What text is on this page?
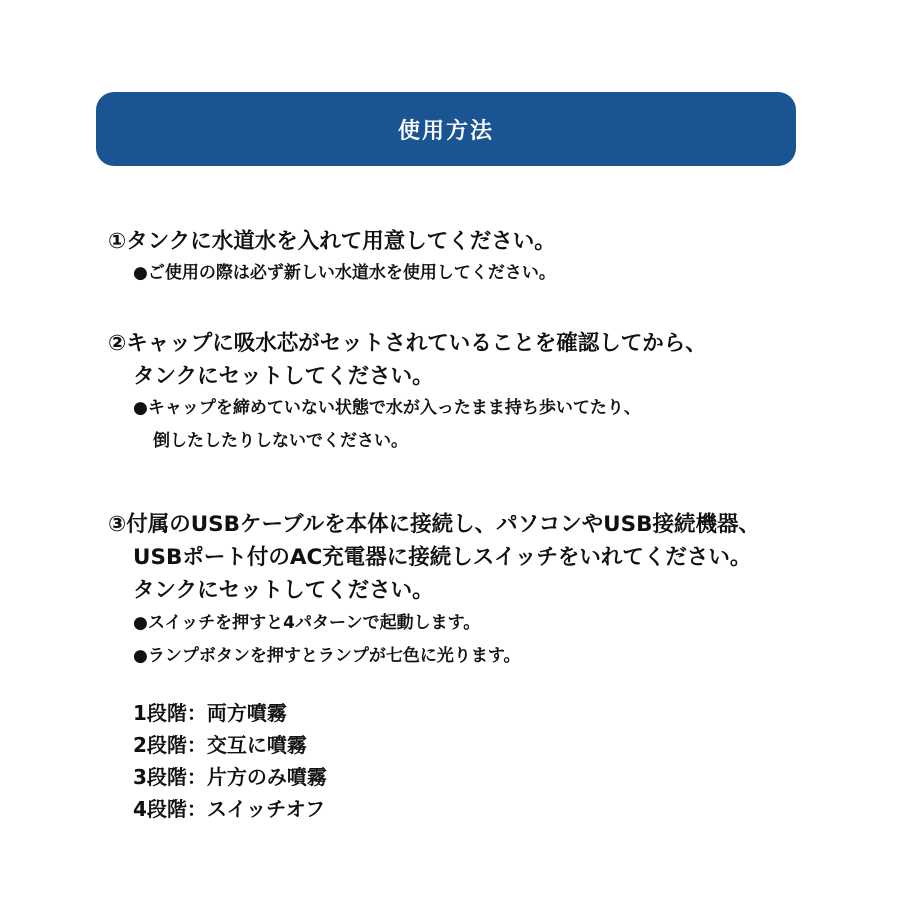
使用方法
①タンクに水道水を入れて用意してください。
●ご使用の際は必ず新しい水道水を使用してください。
②キャップに吸水芯がセットされていることを確認してから、
タンクにセットしてください。
●キャップを締めていない状態で水が入ったまま持ち歩いてたり、
倒したしたりしないでください。
③付属のUSBケーブルを本体に接続し、パソコンやUSB接続機器、
USBポート付のAC充電器に接続しスイッチをいれてください。
タンクにセットしてください。
●スイッチを押すと4パターンで起動します。
●ランプボタンを押すとランプが七色に光ります。
1段階：両方噴霧
2段階：交互に噴霧
3段階：片方のみ噴霧
4段階：スイッチオフ
